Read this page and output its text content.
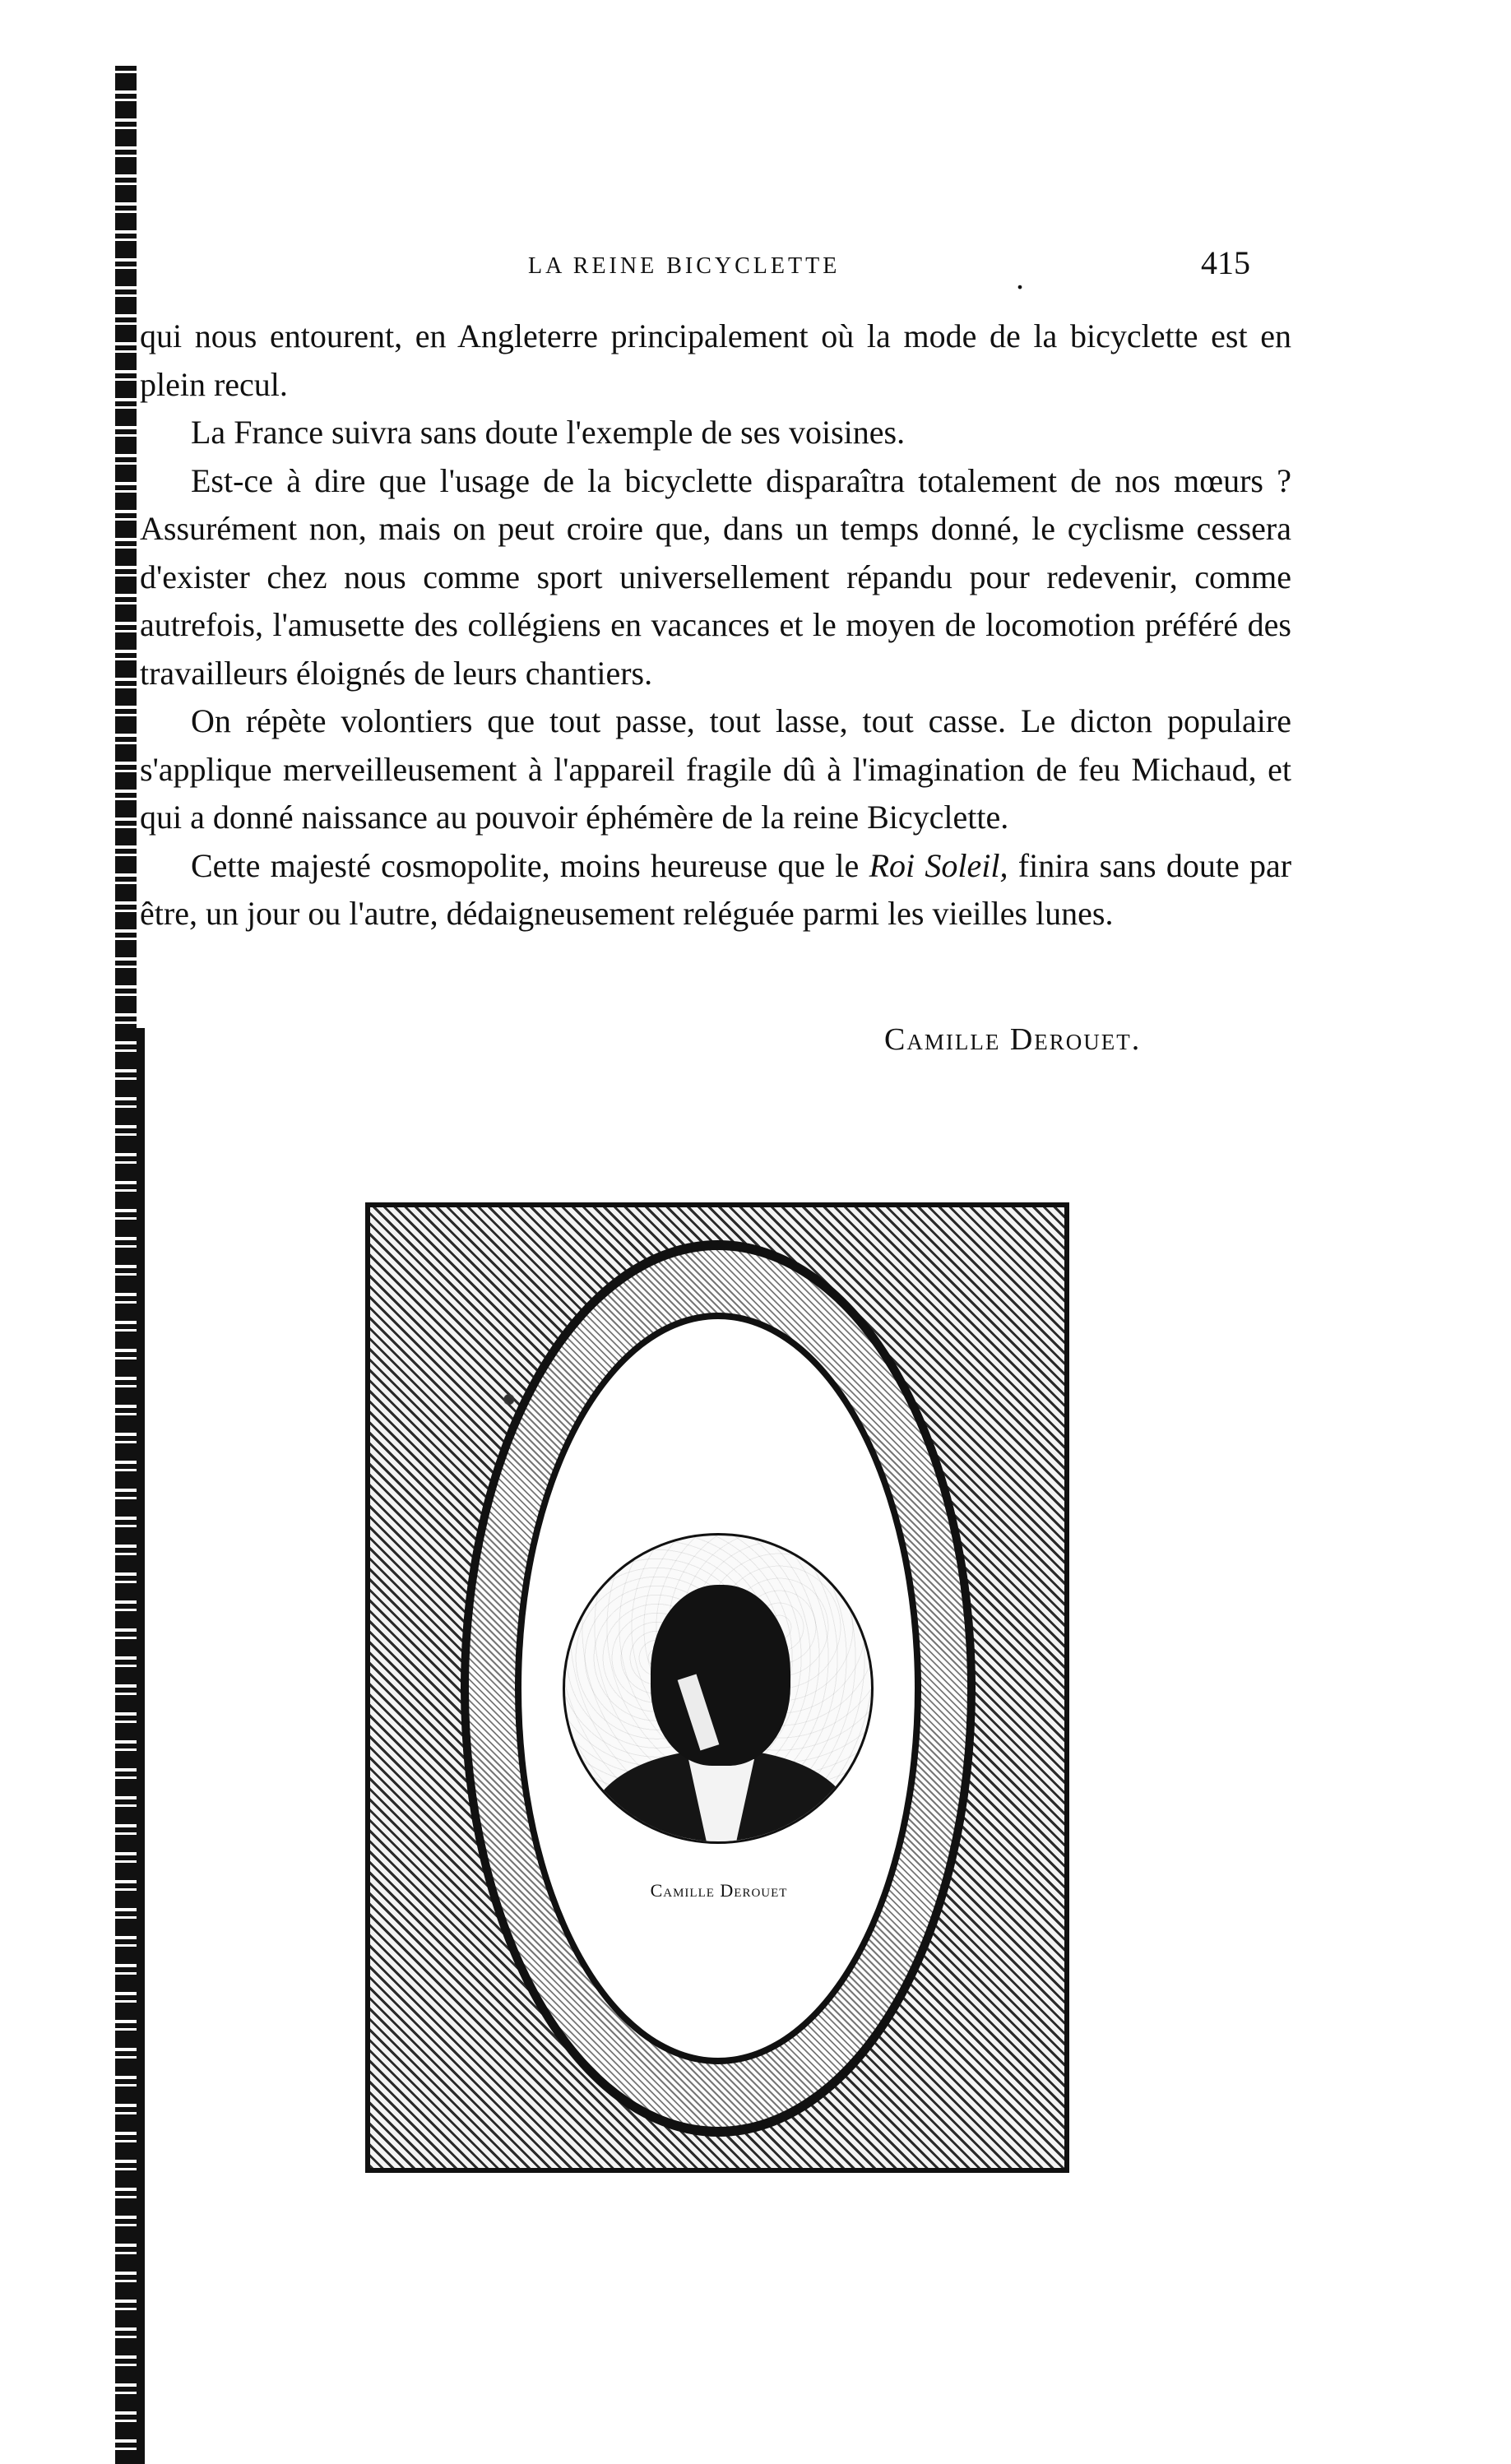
LA REINE BICYCLETTE	.	415

qui nous entourent, en Angleterre principalement où la mode de la bicyclette est en plein recul.

La France suivra sans doute l'exemple de ses voisines.

Est-ce à dire que l'usage de la bicyclette disparaîtra totalement de nos mœurs ? Assurément non, mais on peut croire que, dans un temps donné, le cyclisme cessera d'exister chez nous comme sport universellement répandu pour redevenir, comme autrefois, l'amusette des collégiens en vacances et le moyen de locomotion préféré des travailleurs éloignés de leurs chantiers.

On répète volontiers que tout passe, tout lasse, tout casse. Le dicton populaire s'applique merveilleusement à l'appareil fragile dû à l'imagination de feu Michaud, et qui a donné naissance au pouvoir éphémère de la reine Bicyclette.

Cette majesté cosmopolite, moins heureuse que le Roi Soleil, finira sans doute par être, un jour ou l'autre, dédaigneusement reléguée parmi les vieilles lunes.

Camille Derouet.
Camille Derouet
